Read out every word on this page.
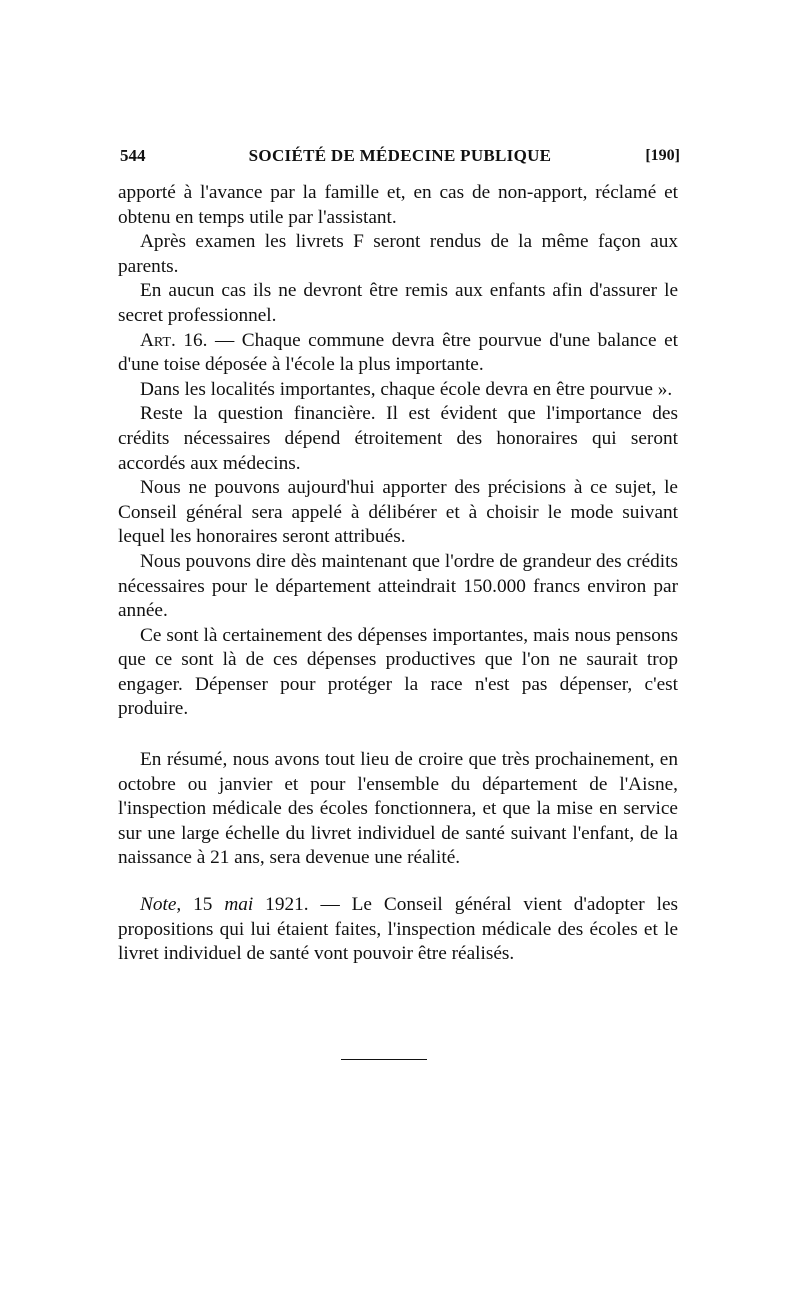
544	SOCIÉTÉ DE MÉDECINE PUBLIQUE	[190]

apporté à l'avance par la famille et, en cas de non-apport, réclamé et obtenu en temps utile par l'assistant.

Après examen les livrets F seront rendus de la même façon aux parents.

En aucun cas ils ne devront être remis aux enfants afin d'assurer le secret professionnel.

Art. 16. — Chaque commune devra être pourvue d'une balance et d'une toise déposée à l'école la plus importante.

Dans les localités importantes, chaque école devra en être pourvue ».

Reste la question financière. Il est évident que l'importance des crédits nécessaires dépend étroitement des honoraires qui seront accordés aux médecins.

Nous ne pouvons aujourd'hui apporter des précisions à ce sujet, le Conseil général sera appelé à délibérer et à choisir le mode suivant lequel les honoraires seront attribués.

Nous pouvons dire dès maintenant que l'ordre de grandeur des crédits nécessaires pour le département atteindrait 150.000 francs environ par année.

Ce sont là certainement des dépenses importantes, mais nous pensons que ce sont là de ces dépenses productives que l'on ne saurait trop engager. Dépenser pour protéger la race n'est pas dépenser, c'est produire.

En résumé, nous avons tout lieu de croire que très prochainement, en octobre ou janvier et pour l'ensemble du département de l'Aisne, l'inspection médicale des écoles fonctionnera, et que la mise en service sur une large échelle du livret individuel de santé suivant l'enfant, de la naissance à 21 ans, sera devenue une réalité.

Note, 15 mai 1921. — Le Conseil général vient d'adopter les propositions qui lui étaient faites, l'inspection médicale des écoles et le livret individuel de santé vont pouvoir être réalisés.
